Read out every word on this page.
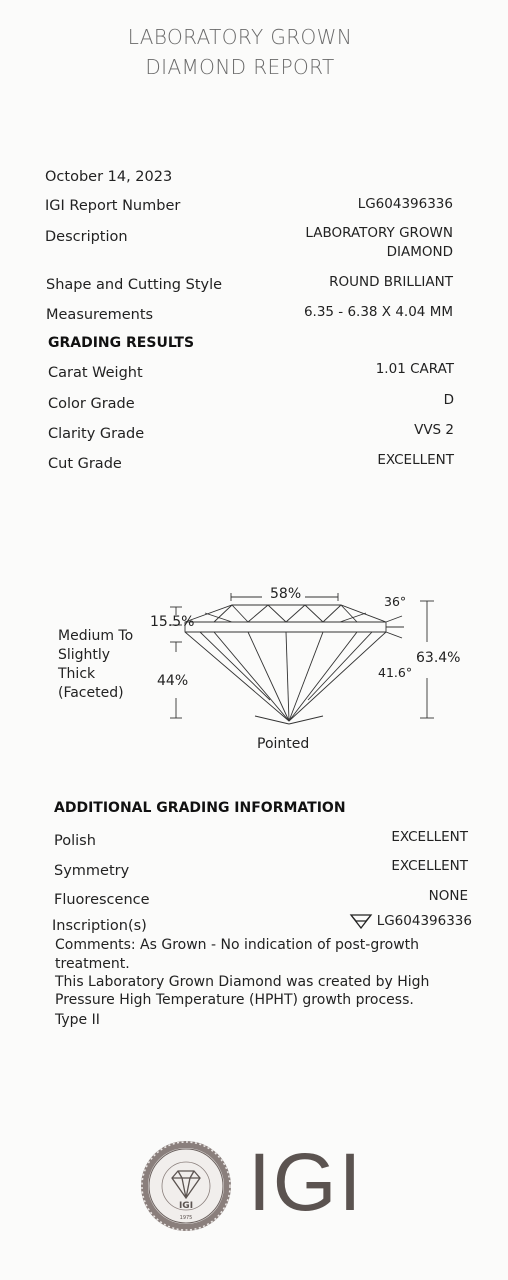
LABORATORY GROWN
DIAMOND REPORT
October 14, 2023
IGI Report Number	LG604396336
Description	LABORATORY GROWN
DIAMOND
Shape and Cutting Style	ROUND BRILLIANT
Measurements	6.35 - 6.38 X 4.04 MM
GRADING RESULTS
Carat Weight	1.01 CARAT
Color Grade	D
Clarity Grade	VVS 2
Cut Grade	EXCELLENT
58%	36°
15.5%
Medium To
Slightly
Thick
(Faceted)
44%
41.6°
63.4%
Pointed
ADDITIONAL GRADING INFORMATION
Polish	EXCELLENT
Symmetry	EXCELLENT
Fluorescence	NONE
Inscription(s)	LG604396336
Comments: As Grown - No indication of post-growth
treatment.
This Laboratory Grown Diamond was created by High
Pressure High Temperature (HPHT) growth process.
Type II
IGI
1975 IGI
